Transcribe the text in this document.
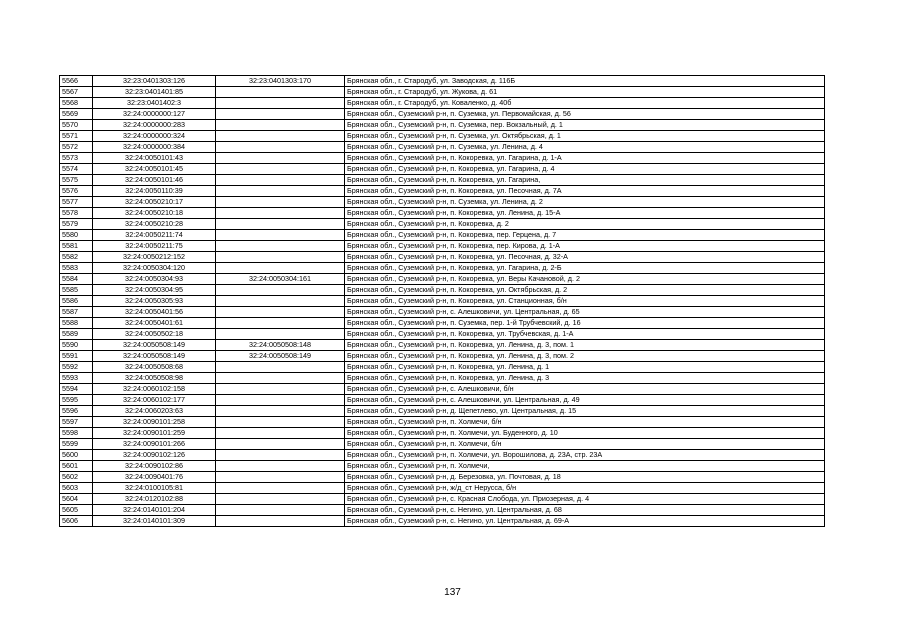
5566	32:23:0401303:126	32:23:0401303:170	Брянская обл., г. Стародуб, ул. Заводская, д. 116Б
5567	32:23:0401401:85		Брянская обл., г. Стародуб, ул. Жукова, д. 61
5568	32:23:0401402:3		Брянская обл., г. Стародуб, ул. Коваленко, д. 40б
5569	32:24:0000000:127		Брянская обл., Суземский р-н, п. Суземка, ул. Первомайская, д. 56
5570	32:24:0000000:283		Брянская обл., Суземский р-н, п. Суземка, пер. Вокзальный, д. 1
5571	32:24:0000000:324		Брянская обл., Суземский р-н, п. Суземка, ул. Октябрьская, д. 1
5572	32:24:0000000:384		Брянская обл., Суземский р-н, п. Суземка, ул. Ленина, д. 4
5573	32:24:0050101:43		Брянская обл., Суземский р-н, п. Кокоревка, ул. Гагарина, д. 1-А
5574	32:24:0050101:45		Брянская обл., Суземский р-н, п. Кокоревка, ул. Гагарина, д. 4
5575	32:24:0050101:46		Брянская обл., Суземский р-н, п. Кокоревка, ул. Гагарина,
5576	32:24:0050110:39		Брянская обл., Суземский р-н, п. Кокоревка, ул. Песочная, д. 7А
5577	32:24:0050210:17		Брянская обл., Суземский р-н, п. Суземка, ул. Ленина, д. 2
5578	32:24:0050210:18		Брянская обл., Суземский р-н, п. Кокоревка, ул. Ленина, д. 15-А
5579	32:24:0050210:28		Брянская обл., Суземский р-н, п. Кокоревка, д. 2
5580	32:24:0050211:74		Брянская обл., Суземский р-н, п. Кокоревка, пер. Герцена, д. 7
5581	32:24:0050211:75		Брянская обл., Суземский р-н, п. Кокоревка, пер. Кирова, д. 1-А
5582	32:24:0050212:152		Брянская обл., Суземский р-н, п. Кокоревка, ул. Песочная, д. 32-А
5583	32:24:0050304:120		Брянская обл., Суземский р-н, п. Кокоревка, ул. Гагарина, д. 2-Б
5584	32:24:0050304:93	32:24:0050304:161	Брянская обл., Суземский р-н, п. Кокоревка, ул. Веры Качановой, д. 2
5585	32:24:0050304:95		Брянская обл., Суземский р-н, п. Кокоревка, ул. Октябрьская, д. 2
5586	32:24:0050305:93		Брянская обл., Суземский р-н, п. Кокоревка, ул. Станционная, б/н
5587	32:24:0050401:56		Брянская обл., Суземский р-н, с. Алешковичи, ул. Центральная, д. 65
5588	32:24:0050401:61		Брянская обл., Суземский р-н, п. Суземка, пер. 1-й Трубчевский, д. 16
5589	32:24:0050502:18		Брянская обл., Суземский р-н, п. Кокоревка, ул. Трубчевская, д. 1-А
5590	32:24:0050508:149	32:24:0050508:148	Брянская обл., Суземский р-н, п. Кокоревка, ул. Ленина, д. 3, пом. 1
5591	32:24:0050508:149	32:24:0050508:149	Брянская обл., Суземский р-н, п. Кокоревка, ул. Ленина, д. 3, пом. 2
5592	32:24:0050508:68		Брянская обл., Суземский р-н, п. Кокоревка, ул. Ленина, д. 1
5593	32:24:0050508:98		Брянская обл., Суземский р-н, п. Кокоревка, ул. Ленина, д. 3
5594	32:24:0060102:158		Брянская обл., Суземский р-н, с. Алешковичи, б/н
5595	32:24:0060102:177		Брянская обл., Суземский р-н, с. Алешковичи, ул. Центральная, д. 49
5596	32:24:0060203:63		Брянская обл., Суземский р-н, д. Щепетлево, ул. Центральная, д. 15
5597	32:24:0090101:258		Брянская обл., Суземский р-н, п. Холмечи, б/н
5598	32:24:0090101:259		Брянская обл., Суземский р-н, п. Холмечи, ул. Буденного, д. 10
5599	32:24:0090101:266		Брянская обл., Суземский р-н, п. Холмечи, б/н
5600	32:24:0090102:126		Брянская обл., Суземский р-н, п. Холмечи, ул. Ворошилова, д. 23А, стр. 23А
5601	32:24:0090102:86		Брянская обл., Суземский р-н, п. Холмечи,
5602	32:24:0090401:76		Брянская обл., Суземский р-н, д. Березовка, ул. Почтовая, д. 18
5603	32:24:0100105:81		Брянская обл., Суземский р-н, ж/д_ст Нерусса, б/н
5604	32:24:0120102:88		Брянская обл., Суземский р-н, с. Красная Слобода, ул. Приозерная, д. 4
5605	32:24:0140101:204		Брянская обл., Суземский р-н, с. Негино, ул. Центральная, д. 68
5606	32:24:0140101:309		Брянская обл., Суземский р-н, с. Негино, ул. Центральная, д. 69-А
137
